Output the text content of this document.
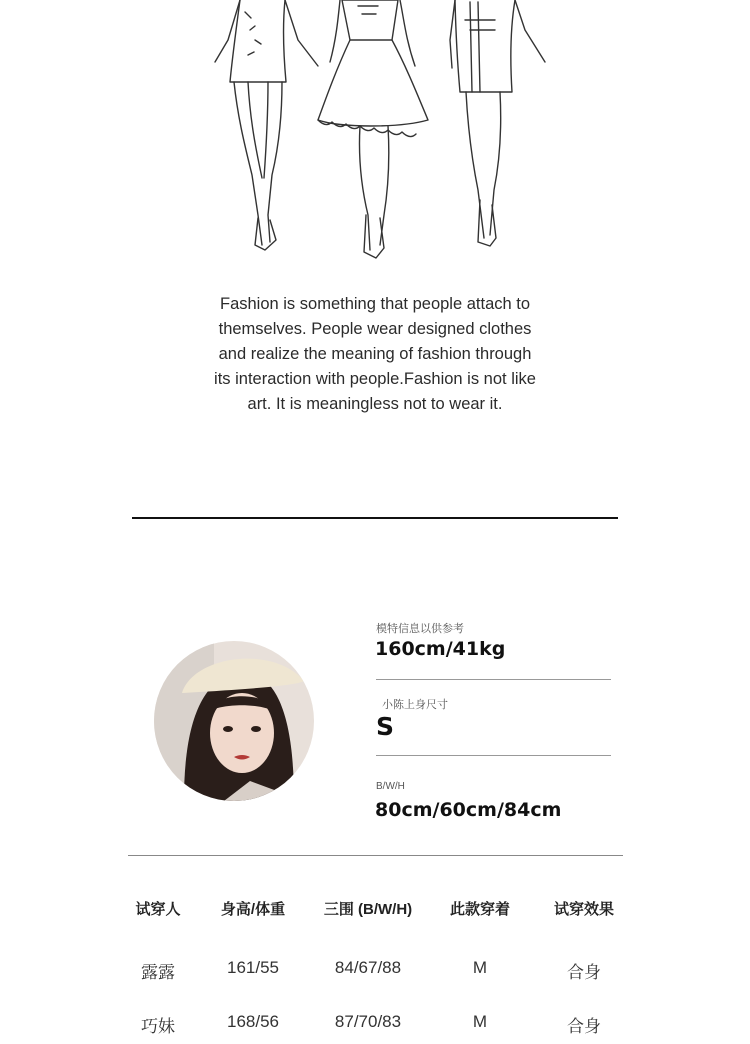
Fashion is something that people attach to
themselves. People wear designed clothes
and realize the meaning of fashion through
its interaction with people.Fashion is not like
art. It is meaningless not to wear it.
模特信息以供参考
160cm/41kg
小陈上身尺寸
S
B/W/H
80cm/60cm/84cm
试穿人	身高/体重	三围 (B/W/H)	此款穿着	试穿效果
露露	161/55	84/67/88	M	合身
巧妹	168/56	87/70/83	M	合身
